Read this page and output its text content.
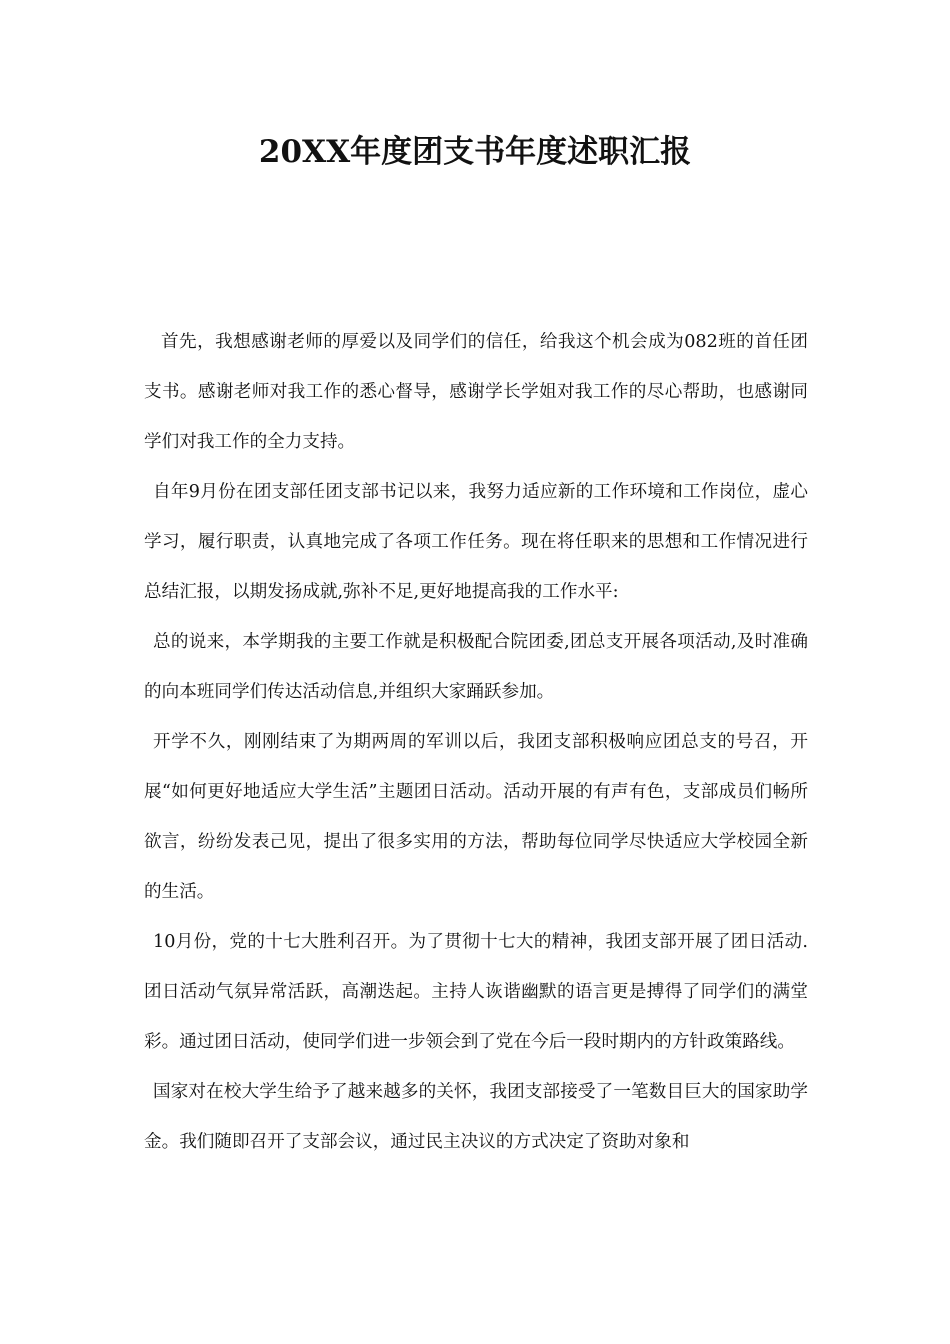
20XX年度团支书年度述职汇报

首先，我想感谢老师的厚爱以及同学们的信任，给我这个机会成为082班的首任团支书。感谢老师对我工作的悉心督导，感谢学长学姐对我工作的尽心帮助，也感谢同学们对我工作的全力支持。

自年9月份在团支部任团支部书记以来，我努力适应新的工作环境和工作岗位，虚心学习，履行职责，认真地完成了各项工作任务。现在将任职来的思想和工作情况进行总结汇报，以期发扬成就,弥补不足,更好地提高我的工作水平:

总的说来，本学期我的主要工作就是积极配合院团委,团总支开展各项活动,及时准确的向本班同学们传达活动信息,并组织大家踊跃参加。

开学不久，刚刚结束了为期两周的军训以后，我团支部积极响应团总支的号召，开展“如何更好地适应大学生活”主题团日活动。活动开展的有声有色，支部成员们畅所欲言，纷纷发表己见，提出了很多实用的方法，帮助每位同学尽快适应大学校园全新的生活。

10月份，党的十七大胜利召开。为了贯彻十七大的精神，我团支部开展了团日活动.团日活动气氛异常活跃，高潮迭起。主持人诙谐幽默的语言更是搏得了同学们的满堂彩。通过团日活动，使同学们进一步领会到了党在今后一段时期内的方针政策路线。

国家对在校大学生给予了越来越多的关怀，我团支部接受了一笔数目巨大的国家助学金。我们随即召开了支部会议，通过民主决议的方式决定了资助对象和
